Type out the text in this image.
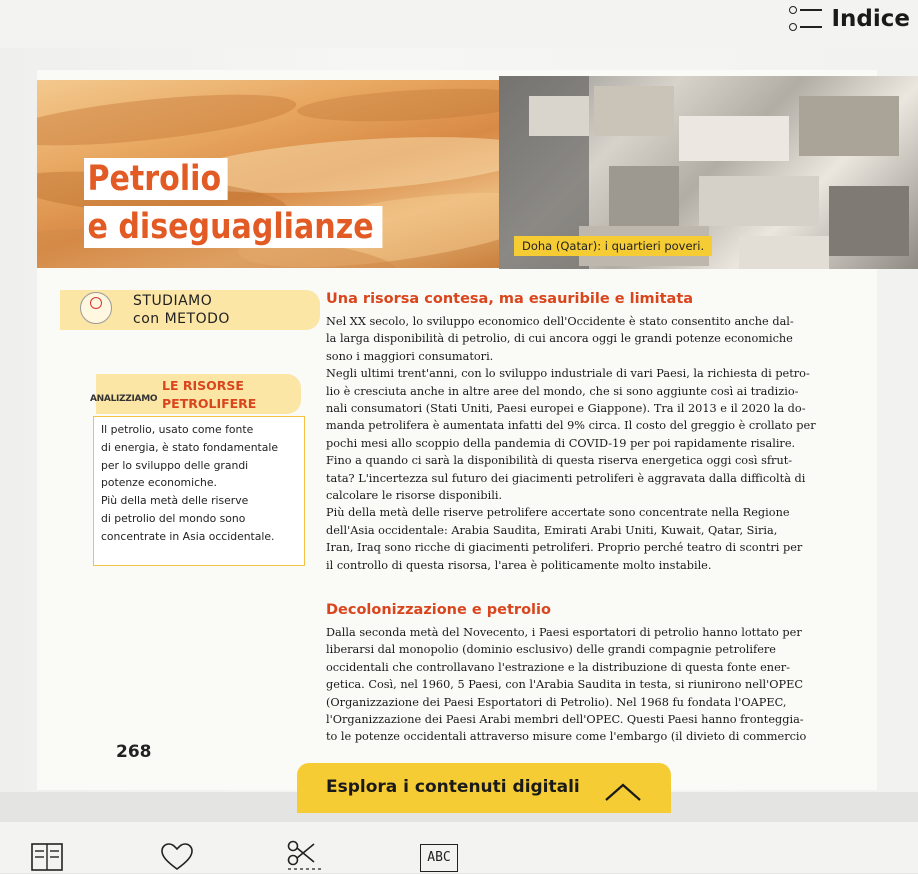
Indice
Petrolio
e diseguaglianze	Doha (Qatar): i quartieri poveri.
STUDIAMO
con METODO
ANALIZZIAMO
LE RISORSE
PETROLIFERE
Il petrolio, usato come fonte
di energia, è stato fondamentale
per lo sviluppo delle grandi
potenze economiche.
Più della metà delle riserve
di petrolio del mondo sono
concentrate in Asia occidentale.
Una risorsa contesa, ma esauribile e limitata

Nel XX secolo, lo sviluppo economico dell'Occidente è stato consentito anche dal-

la larga disponibilità di petrolio, di cui ancora oggi le grandi potenze economiche

sono i maggiori consumatori.

Negli ultimi trent'anni, con lo sviluppo industriale di vari Paesi, la richiesta di petro-

lio è cresciuta anche in altre aree del mondo, che si sono aggiunte così ai tradizio-

nali consumatori (Stati Uniti, Paesi europei e Giappone). Tra il 2013 e il 2020 la do-

manda petrolifera è aumentata infatti del 9% circa. Il costo del greggio è crollato per

pochi mesi allo scoppio della pandemia di COVID-19 per poi rapidamente risalire.

Fino a quando ci sarà la disponibilità di questa riserva energetica oggi così sfrut-

tata? L'incertezza sul futuro dei giacimenti petroliferi è aggravata dalla difficoltà di

calcolare le risorse disponibili.

Più della metà delle riserve petrolifere accertate sono concentrate nella Regione

dell'Asia occidentale: Arabia Saudita, Emirati Arabi Uniti, Kuwait, Qatar, Siria,

Iran, Iraq sono ricche di giacimenti petroliferi. Proprio perché teatro di scontri per

il controllo di questa risorsa, l'area è politicamente molto instabile.

Decolonizzazione e petrolio

Dalla seconda metà del Novecento, i Paesi esportatori di petrolio hanno lottato per

liberarsi dal monopolio (dominio esclusivo) delle grandi compagnie petrolifere

occidentali che controllavano l'estrazione e la distribuzione di questa fonte ener-

getica. Così, nel 1960, 5 Paesi, con l'Arabia Saudita in testa, si riunirono nell'OPEC

(Organizzazione dei Paesi Esportatori di Petrolio). Nel 1968 fu fondata l'OAPEC,

l'Organizzazione dei Paesi Arabi membri dell'OPEC. Questi Paesi hanno fronteggia-

to le potenze occidentali attraverso misure come l'embargo (il divieto di commercio

268
Esplora i contenuti digitali
ABC
